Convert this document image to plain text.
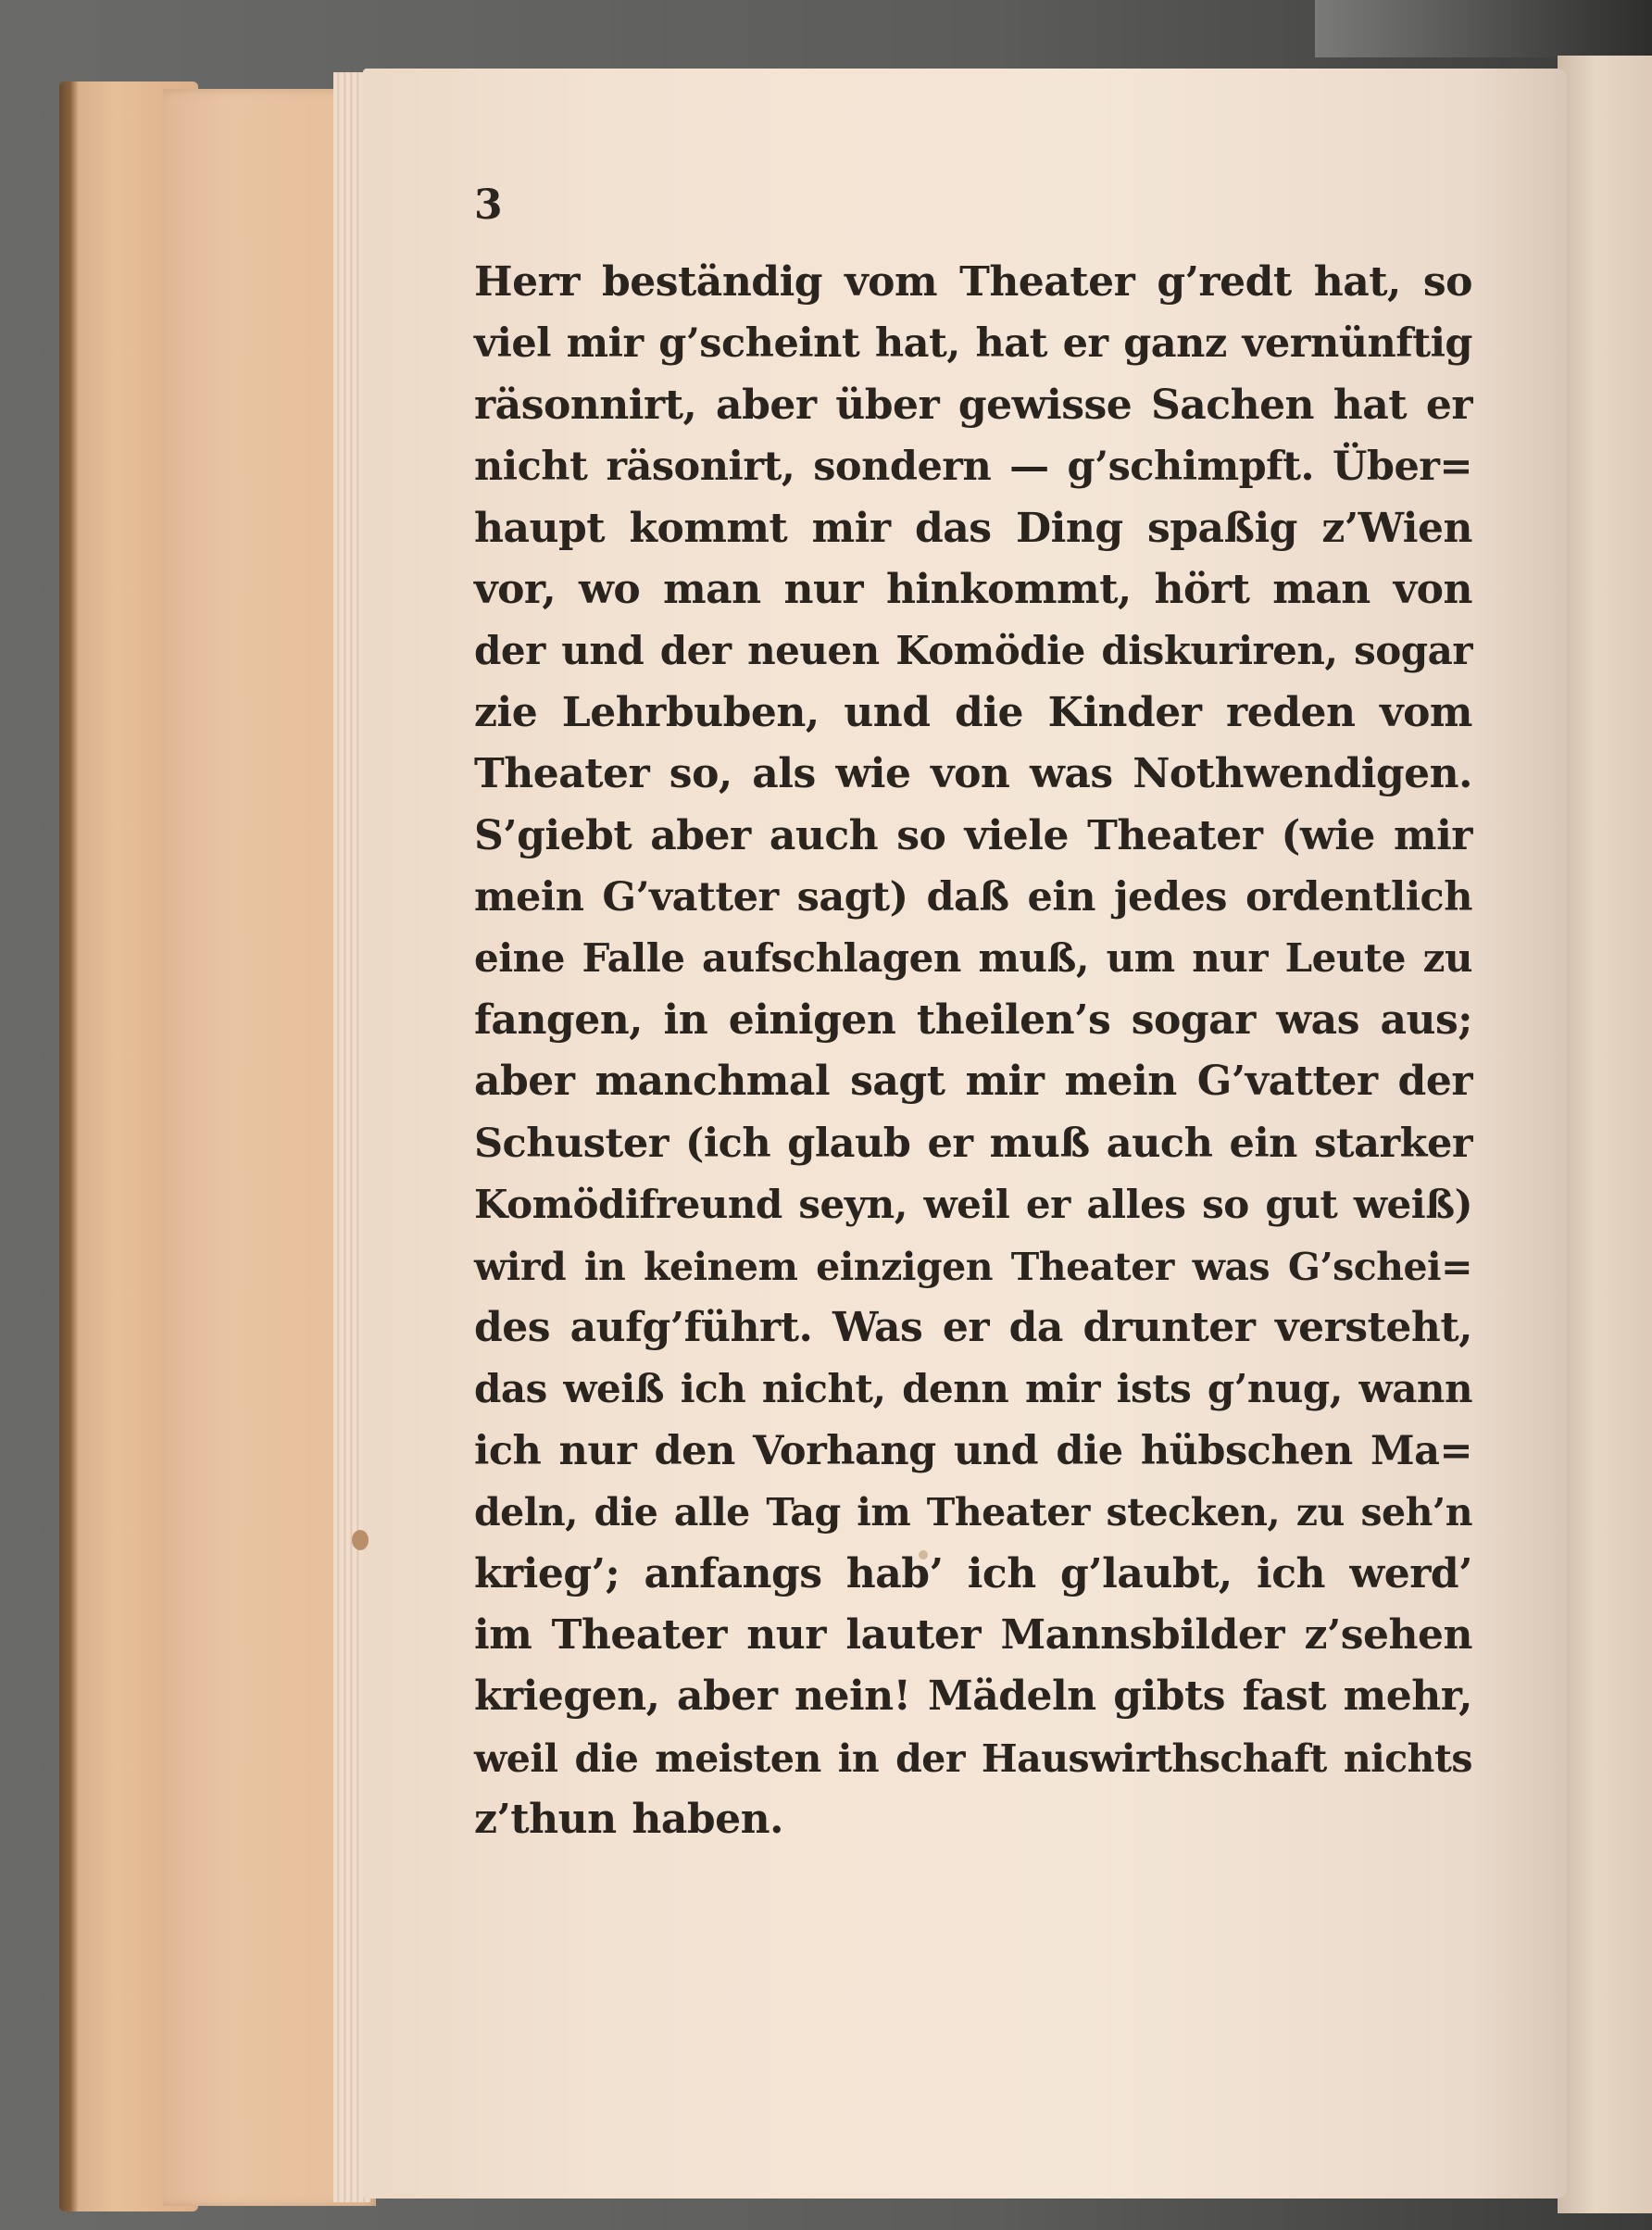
3
Herr beständig vom Theater g’redt hat, so
viel mir g’scheint hat, hat er ganz vernünftig
räsonnirt, aber über gewisse Sachen hat er
nicht räsonirt, sondern — g’schimpft. Über=
haupt kommt mir das Ding spaßig z’Wien
vor, wo man nur hinkommt, hört man von
der und der neuen Komödie diskuriren, sogar
zie Lehrbuben, und die Kinder reden vom
Theater so, als wie von was Nothwendigen.
S’giebt aber auch so viele Theater (wie mir
mein G’vatter sagt) daß ein jedes ordentlich
eine Falle aufschlagen muß, um nur Leute zu
fangen, in einigen theilen’s sogar was aus;
aber manchmal sagt mir mein G’vatter der
Schuster (ich glaub er muß auch ein starker
Komödifreund seyn, weil er alles so gut weiß)
wird in keinem einzigen Theater was G’schei=
des aufg’führt. Was er da drunter versteht,
das weiß ich nicht, denn mir ists g’nug, wann
ich nur den Vorhang und die hübschen Ma=
deln, die alle Tag im Theater stecken, zu seh’n
krieg’; anfangs hab’ ich g’laubt, ich werd’
im Theater nur lauter Mannsbilder z’sehen
kriegen, aber nein! Mädeln gibts fast mehr,
weil die meisten in der Hauswirthschaft nichts
z’thun haben.
